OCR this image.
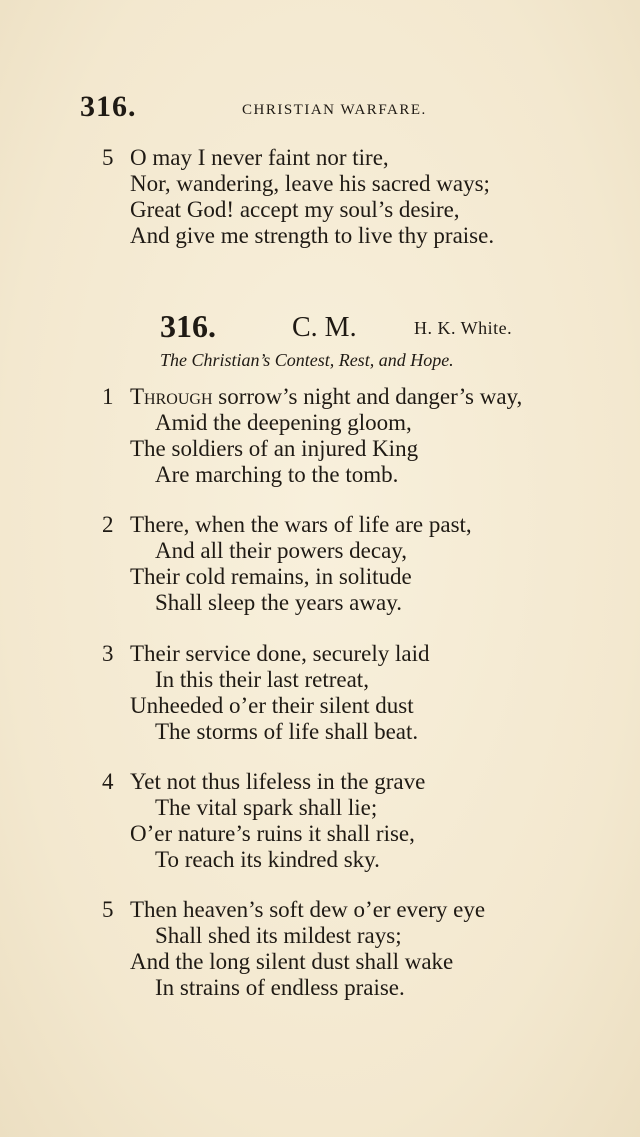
316.	CHRISTIAN WARFARE.
5 O may I never faint nor tire,
Nor, wandering, leave his sacred ways;
Great God! accept my soul’s desire,
And give me strength to live thy praise.
316.	C. M.	H. K. White.
The Christian’s Contest, Rest, and Hope.
1 Through sorrow’s night and danger’s way,
Amid the deepening gloom,
The soldiers of an injured King
Are marching to the tomb.
2 There, when the wars of life are past,
And all their powers decay,
Their cold remains, in solitude
Shall sleep the years away.
3 Their service done, securely laid
In this their last retreat,
Unheeded o’er their silent dust
The storms of life shall beat.
4 Yet not thus lifeless in the grave
The vital spark shall lie;
O’er nature’s ruins it shall rise,
To reach its kindred sky.
5 Then heaven’s soft dew o’er every eye
Shall shed its mildest rays;
And the long silent dust shall wake
In strains of endless praise.
